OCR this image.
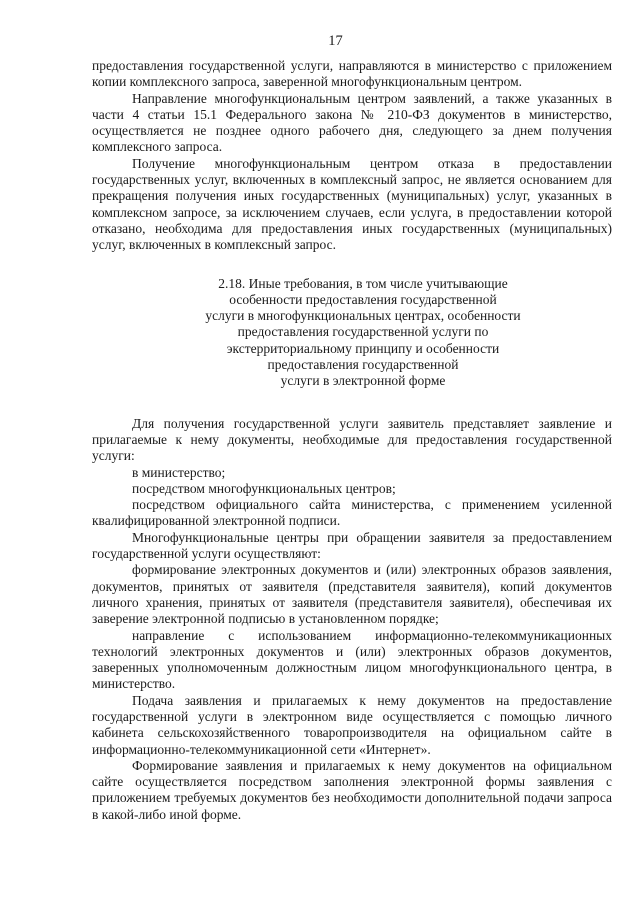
17

предоставления государственной услуги, направляются в министерство с приложением копии комплексного запроса, заверенной многофункциональным центром.

Направление многофункциональным центром заявлений, а также указанных в части 4 статьи 15.1 Федерального закона № 210-ФЗ документов в министерство, осуществляется не позднее одного рабочего дня, следующего за днем получения комплексного запроса.

Получение многофункциональным центром отказа в предоставлении государственных услуг, включенных в комплексный запрос, не является основанием для прекращения получения иных государственных (муниципальных) услуг, указанных в комплексном запросе, за исключением случаев, если услуга, в предоставлении которой отказано, необходима для предоставления иных государственных (муниципальных) услуг, включенных в комплексный запрос.

2.18. Иные требования, в том числе учитывающие
особенности предоставления государственной
услуги в многофункциональных центрах, особенности
предоставления государственной услуги по
экстерриториальному принципу и особенности
предоставления государственной
услуги в электронной форме

Для получения государственной услуги заявитель представляет заявление и прилагаемые к нему документы, необходимые для предоставления государственной услуги:

в министерство;

посредством многофункциональных центров;

посредством официального сайта министерства, с применением усиленной квалифицированной электронной подписи.

Многофункциональные центры при обращении заявителя за предоставлением государственной услуги осуществляют:

формирование электронных документов и (или) электронных образов заявления, документов, принятых от заявителя (представителя заявителя), копий документов личного хранения, принятых от заявителя (представителя заявителя), обеспечивая их заверение электронной подписью в установленном порядке;

направление с использованием информационно-телекоммуникационных технологий электронных документов и (или) электронных образов документов, заверенных уполномоченным должностным лицом многофункционального центра, в министерство.

Подача заявления и прилагаемых к нему документов на предоставление государственной услуги в электронном виде осуществляется с помощью личного кабинета сельскохозяйственного товаропроизводителя на официальном сайте в информационно-телекоммуникационной сети «Интернет».

Формирование заявления и прилагаемых к нему документов на официальном сайте осуществляется посредством заполнения электронной формы заявления с приложением требуемых документов без необходимости дополнительной подачи запроса в какой-либо иной форме.
